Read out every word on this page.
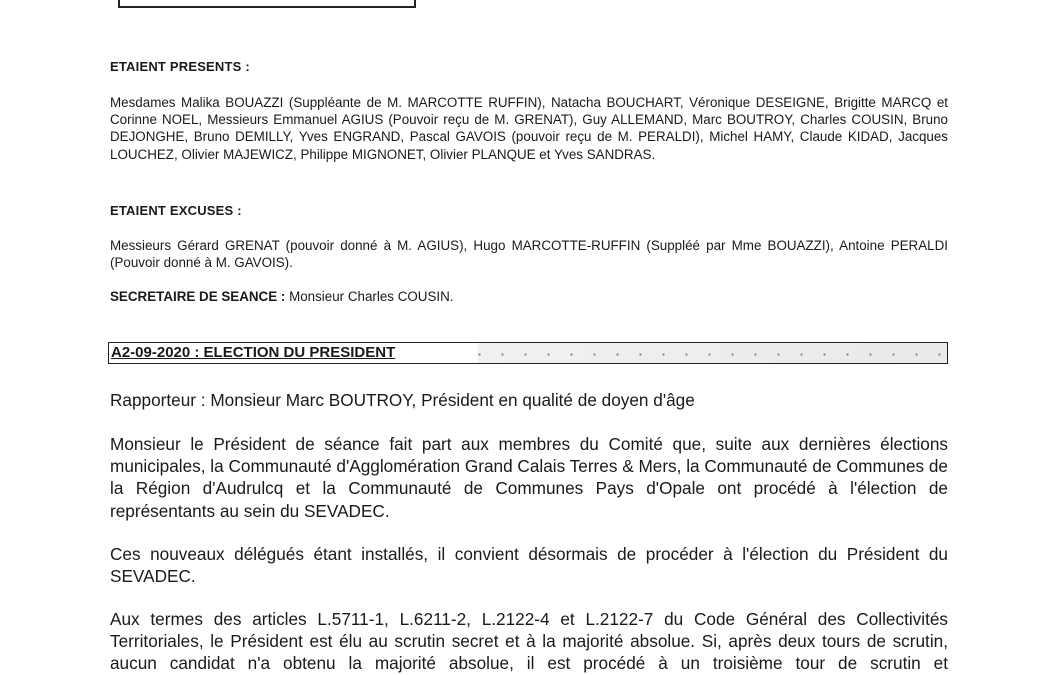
ETAIENT PRESENTS :
Mesdames Malika BOUAZZI (Suppléante de M. MARCOTTE RUFFIN), Natacha BOUCHART, Véronique DESEIGNE, Brigitte MARCQ et Corinne NOEL, Messieurs Emmanuel AGIUS (Pouvoir reçu de M. GRENAT), Guy ALLEMAND, Marc BOUTROY, Charles COUSIN, Bruno DEJONGHE, Bruno DEMILLY, Yves ENGRAND, Pascal GAVOIS (pouvoir reçu de M. PERALDI), Michel HAMY, Claude KIDAD, Jacques LOUCHEZ, Olivier MAJEWICZ, Philippe MIGNONET, Olivier PLANQUE et Yves SANDRAS.
ETAIENT EXCUSES :
Messieurs Gérard GRENAT (pouvoir donné à M. AGIUS), Hugo MARCOTTE-RUFFIN (Suppléé par Mme BOUAZZI), Antoine PERALDI (Pouvoir donné à M. GAVOIS).
SECRETAIRE DE SEANCE : Monsieur Charles COUSIN.
A2-09-2020 : ELECTION DU PRESIDENT
Rapporteur : Monsieur Marc BOUTROY, Président en qualité de doyen d'âge
Monsieur le Président de séance fait part aux membres du Comité que, suite aux dernières élections municipales, la Communauté d'Agglomération Grand Calais Terres & Mers, la Communauté de Communes de la Région d'Audrulcq et la Communauté de Communes Pays d'Opale ont procédé à l'élection de représentants au sein du SEVADEC.
Ces nouveaux délégués étant installés, il convient désormais de procéder à l'élection du Président du SEVADEC.
Aux termes des articles L.5711-1, L.6211-2, L.2122-4 et L.2122-7 du Code Général des Collectivités Territoriales, le Président est élu au scrutin secret et à la majorité absolue. Si, après deux tours de scrutin, aucun candidat n'a obtenu la majorité absolue, il est procédé à un troisième tour de scrutin et
